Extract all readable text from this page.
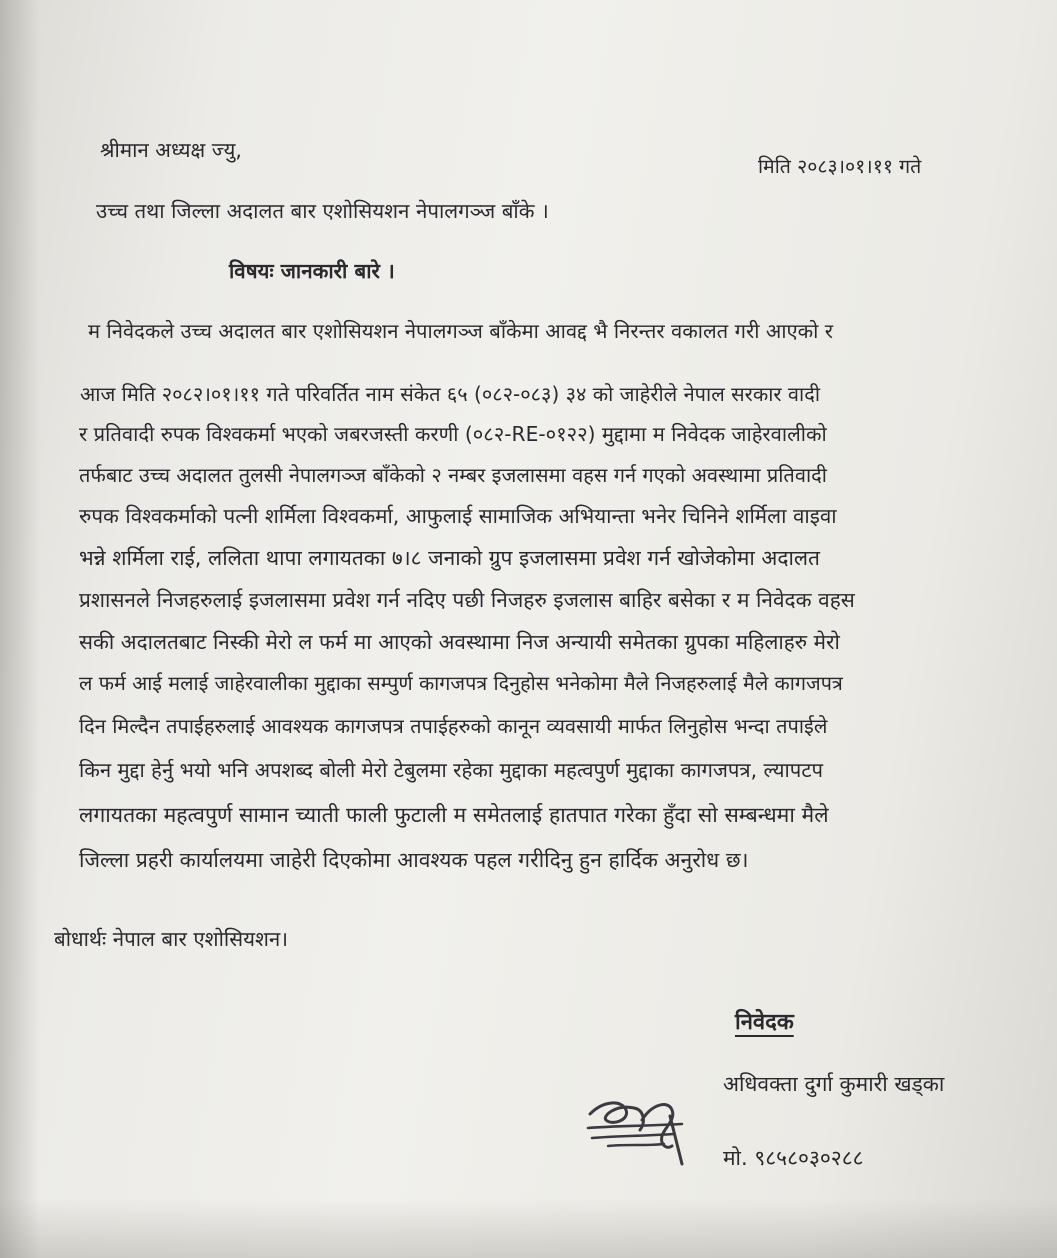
श्रीमान अध्यक्ष ज्यु,
मिति २०८३।०१।११ गते
उच्च तथा जिल्ला अदालत बार एशोसियशन नेपालगञ्ज बाँके ।
विषयः जानकारी बारे ।
म निवेदकले उच्च अदालत बार एशोसियशन नेपालगञ्ज बाँकेमा आवद्द भै निरन्तर वकालत गरी आएको र
आज मिति २०८२।०१।११ गते परिवर्तित नाम संकेत ६५ (०८२-०८३) ३४ को जाहेरीले नेपाल सरकार वादी
र प्रतिवादी रुपक विश्वकर्मा भएको जबरजस्ती करणी (०८२-RE-०१२२) मुद्दामा म निवेदक जाहेरवालीको
तर्फबाट उच्च अदालत तुलसी नेपालगञ्ज बाँकेको २ नम्बर इजलासमा वहस गर्न गएको अवस्थामा प्रतिवादी
रुपक विश्वकर्माको पत्नी शर्मिला विश्वकर्मा, आफुलाई सामाजिक अभियान्ता भनेर चिनिने शर्मिला वाइवा
भन्ने शर्मिला राई, ललिता थापा लगायतका ७।८ जनाको ग्रुप इजलासमा प्रवेश गर्न खोजेकोमा अदालत
प्रशासनले निजहरुलाई इजलासमा प्रवेश गर्न नदिए पछी निजहरु इजलास बाहिर बसेका र म निवेदक वहस
सकी अदालतबाट निस्की मेरो ल फर्म मा आएको अवस्थामा निज अन्यायी समेतका ग्रुपका महिलाहरु मेरो
ल फर्म आई मलाई जाहेरवालीका मुद्दाका सम्पुर्ण कागजपत्र दिनुहोस भनेकोमा मैले निजहरुलाई मैले कागजपत्र
दिन मिल्दैन तपाईहरुलाई आवश्यक कागजपत्र तपाईहरुको कानून व्यवसायी मार्फत लिनुहोस भन्दा तपाईले
किन मुद्दा हेर्नु भयो भनि अपशब्द बोली मेरो टेबुलमा रहेका मुद्दाका महत्वपुर्ण मुद्दाका कागजपत्र, ल्यापटप
लगायतका महत्वपुर्ण सामान च्याती फाली फुटाली म समेतलाई हातपात गरेका हुँदा सो सम्बन्धमा मैले
जिल्ला प्रहरी कार्यालयमा जाहेरी दिएकोमा आवश्यक पहल गरीदिनु हुन हार्दिक अनुरोध छ।
बोधार्थः नेपाल बार एशोसियशन।
निवेदक
अधिवक्ता दुर्गा कुमारी खड्का
मो. ९८५८०३०२८८
